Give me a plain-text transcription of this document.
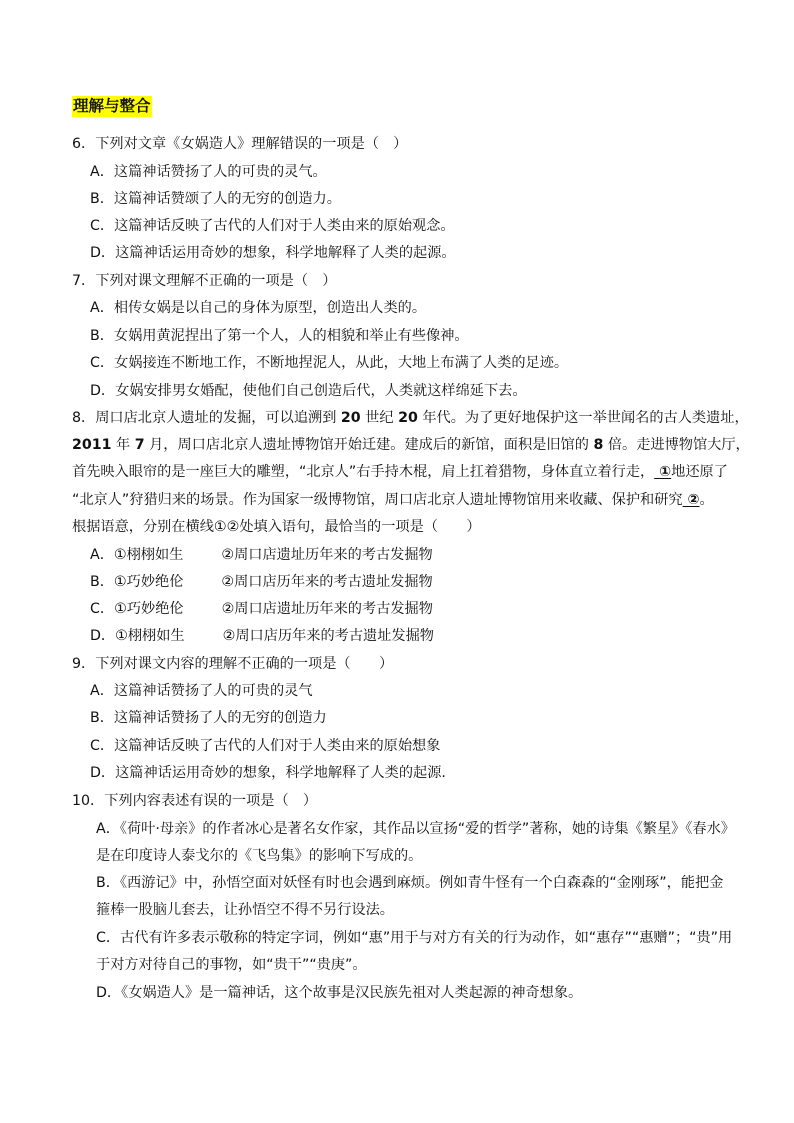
理解与整合
6．下列对文章《女娲造人》理解错误的一项是（　）
A．这篇神话赞扬了人的可贵的灵气。
B．这篇神话赞颂了人的无穷的创造力。
C．这篇神话反映了古代的人们对于人类由来的原始观念。
D．这篇神话运用奇妙的想象，科学地解释了人类的起源。
7．下列对课文理解不正确的一项是（　）
A．相传女娲是以自己的身体为原型，创造出人类的。
B．女娲用黄泥捏出了第一个人，人的相貌和举止有些像神。
C．女娲接连不断地工作，不断地捏泥人，从此，大地上布满了人类的足迹。
D．女娲安排男女婚配，使他们自己创造后代，人类就这样绵延下去。
8．周口店北京人遗址的发掘，可以追溯到 20 世纪 20 年代。为了更好地保护这一举世闻名的古人类遗址，
2011 年 7 月，周口店北京人遗址博物馆开始迁建。建成后的新馆，面积是旧馆的 8 倍。走进博物馆大厅，
首先映入眼帘的是一座巨大的雕塑，“北京人”右手持木棍，肩上扛着猎物，身体直立着行走， ①地还原了
“北京人”狩猎归来的场景。作为国家一级博物馆，周口店北京人遗址博物馆用来收藏、保护和研究 ②。
根据语意，分别在横线①②处填入语句，最恰当的一项是（　　）
A．①栩栩如生	②周口店遗址历年来的考古发掘物
B．①巧妙绝伦	②周口店历年来的考古遗址发掘物
C．①巧妙绝伦	②周口店遗址历年来的考古发掘物
D．①栩栩如生	②周口店历年来的考古遗址发掘物
9．下列对课文内容的理解不正确的一项是（　　）
A．这篇神话赞扬了人的可贵的灵气
B．这篇神话赞扬了人的无穷的创造力
C．这篇神话反映了古代的人们对于人类由来的原始想象
D．这篇神话运用奇妙的想象，科学地解释了人类的起源.
10．下列内容表述有误的一项是（　）
A．《荷叶·母亲》的作者冰心是著名女作家，其作品以宣扬“爱的哲学”著称，她的诗集《繁星》《春水》
是在印度诗人泰戈尔的《飞鸟集》的影响下写成的。
B．《西游记》中，孙悟空面对妖怪有时也会遇到麻烦。例如青牛怪有一个白森森的“金刚琢”，能把金
箍棒一股脑儿套去，让孙悟空不得不另行设法。
C．古代有许多表示敬称的特定字词，例如“惠”用于与对方有关的行为动作，如“惠存”“惠赠”；“贵”用
于对方对待自己的事物，如“贵干”“贵庚”。
D．《女娲造人》是一篇神话，这个故事是汉民族先祖对人类起源的神奇想象。
